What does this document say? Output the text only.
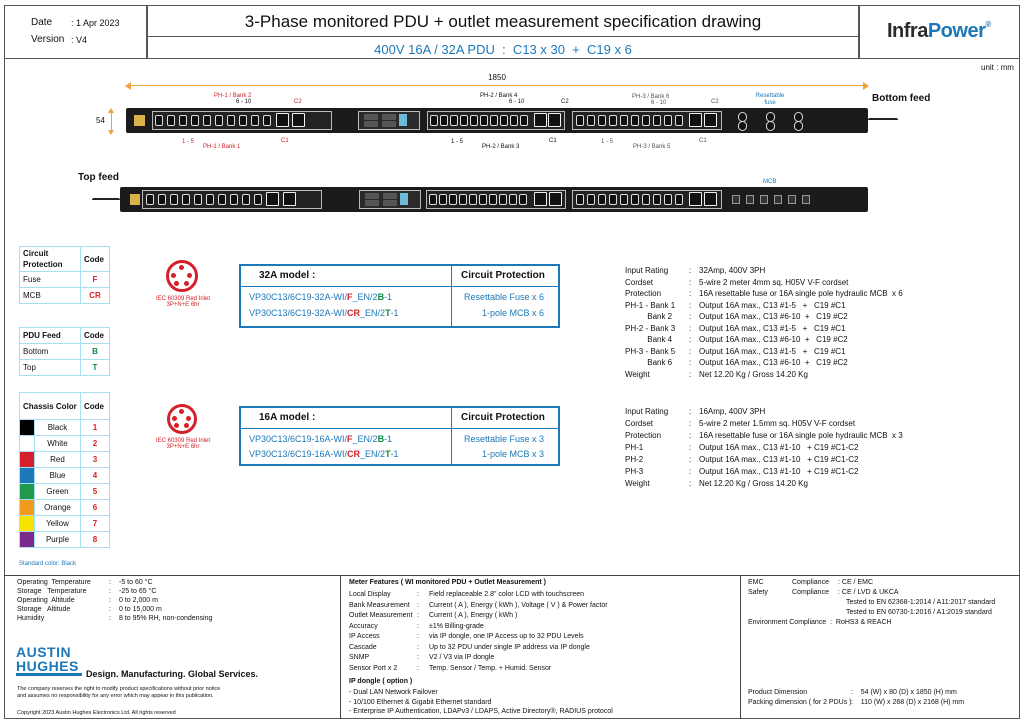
Date : 1 Apr 2023
Version : V4
3-Phase monitored PDU + outlet measurement specification drawing
400V 16A / 32A PDU  :  C13 x 30  +  C19 x 6
InfraPower®
unit : mm
1850
54
PH-1 / Bank 2
6 - 10	C2
PH-2 / Bank 4
6 - 10	C2
PH-3 / Bank 6
6 - 10	C2
Resettable fuse	Bottom feed
1 - 5	C1
PH-1 / Bank 1
1 - 5
PH-2 / Bank 3
C1	1 - 5
PH-3 / Bank 5
C1
Top feed	MCB
Circuit Protection	Code
Fuse	F
MCB	CR
PDU Feed	Code
Bottom	B
Top	T
Chassis Color		Code
	Black	1
	White	2
	Red	3
	Blue	4
	Green	5
	Orange	6
	Yellow	7
	Purple	8
Standard color: Black
IEC 60309 Red Inlet
3P+N+E 6hr
32A model :	Circuit Protection
VP30C13/6C19-32A-WI/F_EN/2B-1	Resettable Fuse x 6
VP30C13/6C19-32A-WI/CR_EN/2T-1	1-pole MCB x 6
Input Rating	: 32Amp, 400V 3PH
Cordset	: 5-wire 2 meter 4mm sq. H05V V-F cordset
Protection	: 16A resettable fuse or 16A single pole hydraulic MCB  x 6
PH-1 - Bank 1 : Output 16A max., C13 #1-5   +   C19 #C1
Bank 2 : Output 16A max., C13 #6-10  +   C19 #C2
PH-2 - Bank 3 : Output 16A max., C13 #1-5   +   C19 #C1
Bank 4 : Output 16A max., C13 #6-10  +   C19 #C2
PH-3 - Bank 5 : Output 16A max., C13 #1-5   +   C19 #C1
Bank 6 : Output 16A max., C13 #6-10  +   C19 #C2
Weight	: Net 12.20 Kg / Gross 14.20 Kg
IEC 60309 Red Inlet
3P+N+E 6hr
16A model :	Circuit Protection
VP30C13/6C19-16A-WI/F_EN/2B-1	Resettable Fuse x 3
VP30C13/6C19-16A-WI/CR_EN/2T-1	1-pole MCB x 3
Input Rating	: 16Amp, 400V 3PH
Cordset	: 5-wire 2 meter 1.5mm sq. H05V V-F cordset
Protection	: 16A resettable fuse or 16A single pole hydraulic MCB  x 3
PH-1	: Output 16A max., C13 #1-10   + C19 #C1-C2
PH-2	: Output 16A max., C13 #1-10   + C19 #C1-C2
PH-3	: Output 16A max., C13 #1-10   + C19 #C1-C2
Weight	: Net 12.20 Kg / Gross 14.20 Kg
Operating  Temperature	: -5 to 60 °C
Storage   Temperature	: -25 to 65 °C
Operating  Altitude	: 0 to 2,000 m
Storage   Altitude	: 0 to 15,000 m
Humidity	: 8 to 95% RH, non-condensing
AUSTIN
HUGHES Design. Manufacturing. Global Services.
The company reserves the right to modify product specifications without prior notice
and assumes no responsibility for any error which may appear in this publication.
Copyright 2023 Austin Hughes Electronics Ltd. All rights reserved
Meter Features ( WI monitored PDU + Outlet Measurement )
Local Display	: Field replaceable 2.8" color LCD with touchscreen
Bank Measurement : Current ( A ), Energy ( kWh ), Voltage ( V ) & Power factor
Outlet Measurement : Current ( A ), Energy ( kWh )
Accuracy	: ±1% Billing-grade
IP Access	: via IP dongle, one IP Access up to 32 PDU Levels
Cascade	: Up to 32 PDU under single IP address via IP dongle
SNMP	: V2 / V3 via IP dongle
Sensor Port x 2	: Temp. Sensor / Temp. + Humid. Sensor
IP dongle ( option )
- Dual LAN Network Failover
- 10/100 Ethernet & Gigabit Ethernet standard
- Enterprise IP Authentication, LDAPv3 / LDAPS, Active Directory®, RADIUS protocol
EMC	Compliance : CE / EMC
Safety	Compliance : CE / LVD & UKCA
Tested to EN 62368-1:2014 / A11:2017 standard
Tested to EN 60730-1:2016 / A1:2019 standard
Environment Compliance  :  RoHS3 & REACH
Product Dimension	:    54 (W) x 80 (D) x 1850 (H) mm
Packing dimension ( for 2 PDUs ) :    110 (W) x 268 (D) x 2168 (H) mm
